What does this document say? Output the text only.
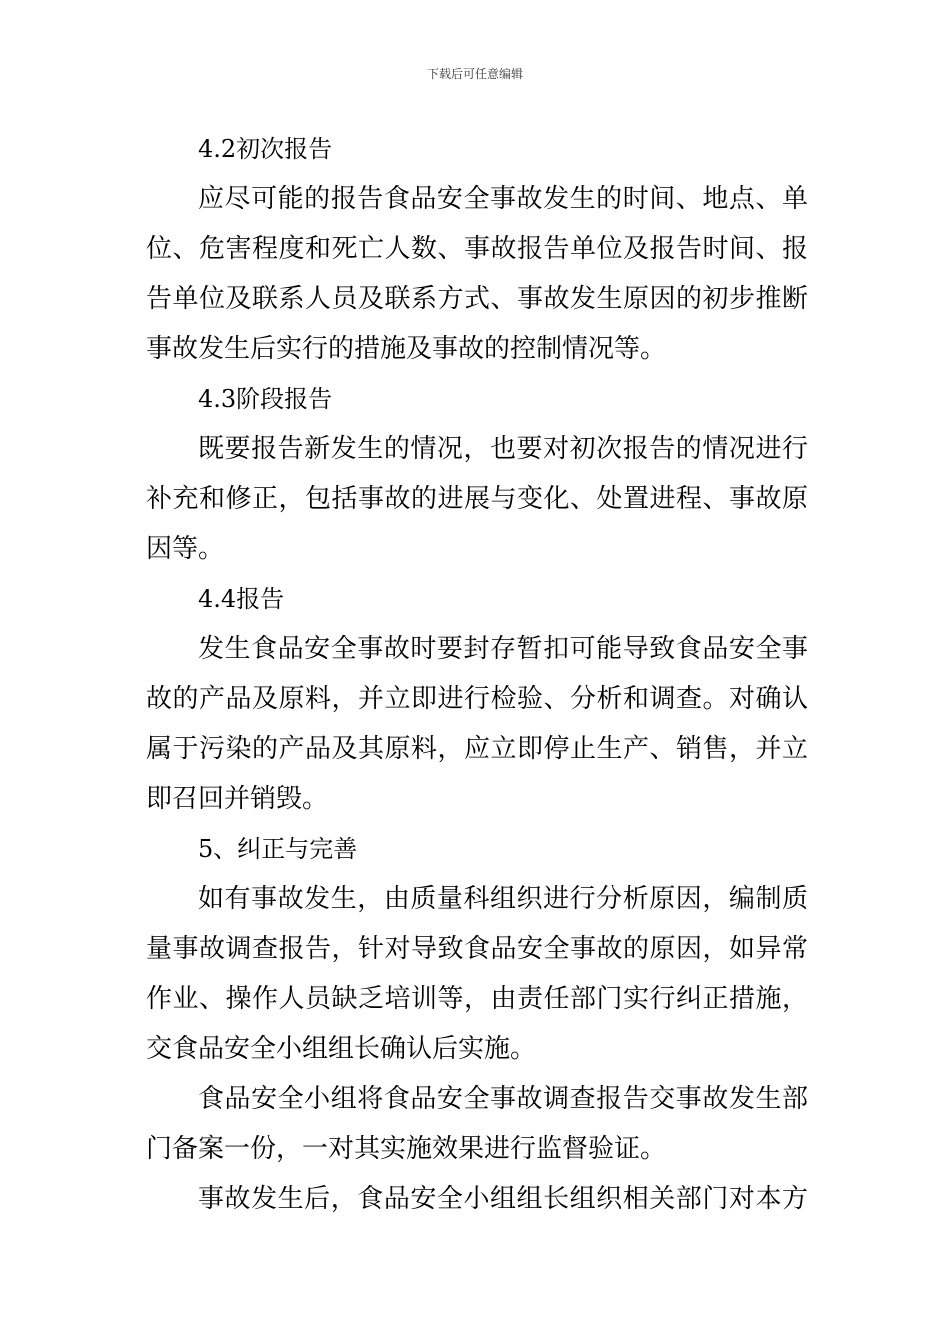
下载后可任意编辑
4.2初次报告
应尽可能的报告食品安全事故发生的时间、地点、单
位、危害程度和死亡人数、事故报告单位及报告时间、报
告单位及联系人员及联系方式、事故发生原因的初步推断
事故发生后实行的措施及事故的控制情况等。
4.3阶段报告
既要报告新发生的情况，也要对初次报告的情况进行
补充和修正，包括事故的进展与变化、处置进程、事故原
因等。
4.4报告
发生食品安全事故时要封存暂扣可能导致食品安全事
故的产品及原料，并立即进行检验、分析和调查。对确认
属于污染的产品及其原料，应立即停止生产、销售，并立
即召回并销毁。
5、纠正与完善
如有事故发生，由质量科组织进行分析原因，编制质
量事故调查报告，针对导致食品安全事故的原因，如异常
作业、操作人员缺乏培训等，由责任部门实行纠正措施，
交食品安全小组组长确认后实施。
食品安全小组将食品安全事故调查报告交事故发生部
门备案一份，一对其实施效果进行监督验证。
事故发生后，食品安全小组组长组织相关部门对本方
